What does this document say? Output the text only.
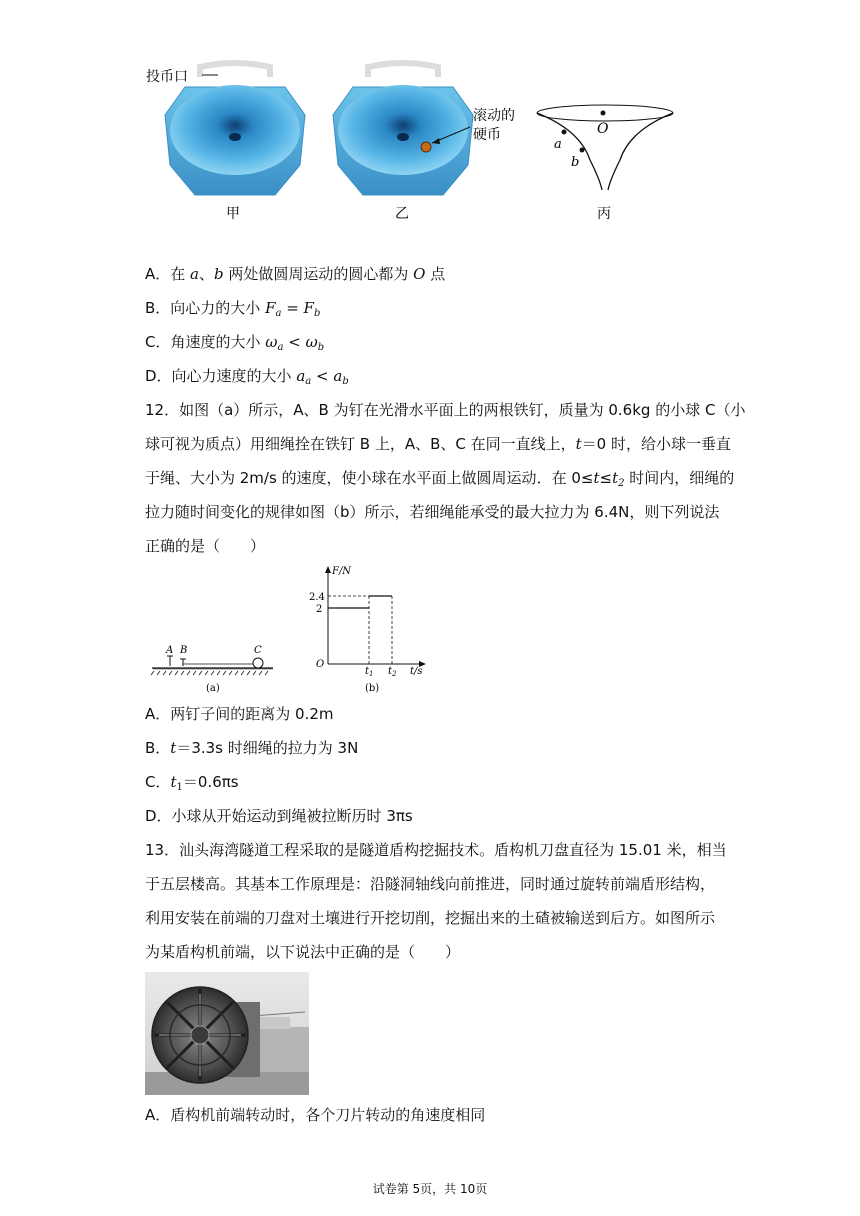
投币口
滚动的
硬币	O
a
b
甲	乙	丙
A．在 a、b 两处做圆周运动的圆心都为 O 点
B．向心力的大小 $F_a = F_b$
C．角速度的大小 $\omega_a < \omega_b$
D．向心力速度的大小 $a_a < a_b$
12．如图（a）所示，A、B 为钉在光滑水平面上的两根铁钉，质量为 0.6kg 的小球 C（小
球可视为质点）用细绳拴在铁钉 B 上，A、B、C 在同一直线上，t＝0 时，给小球一垂直
于绳、大小为 2m/s 的速度，使小球在水平面上做圆周运动．在 $0\le t\le t_2$ 时间内，细绳的
拉力随时间变化的规律如图（b）所示，若细绳能承受的最大拉力为 6.4N，则下列说法
正确的是（　　）
A B	C
(a)
F/N
2.4
2
O
$t_1$ $t_2$ t/s
(b)
A．两钉子间的距离为 0.2m
B．t＝3.3s 时细绳的拉力为 3N
C．$t_1=0.6\pi s$
D．小球从开始运动到绳被拉断历时 3πs
13．汕头海湾隧道工程采取的是隧道盾构挖掘技术。盾构机刀盘直径为 15.01 米，相当
于五层楼高。其基本工作原理是：沿隧洞轴线向前推进，同时通过旋转前端盾形结构，
利用安装在前端的刀盘对土壤进行开挖切削，挖掘出来的土碴被输送到后方。如图所示
为某盾构机前端，以下说法中正确的是（　　）
A．盾构机前端转动时，各个刀片转动的角速度相同
试卷第 5页，共 10页
